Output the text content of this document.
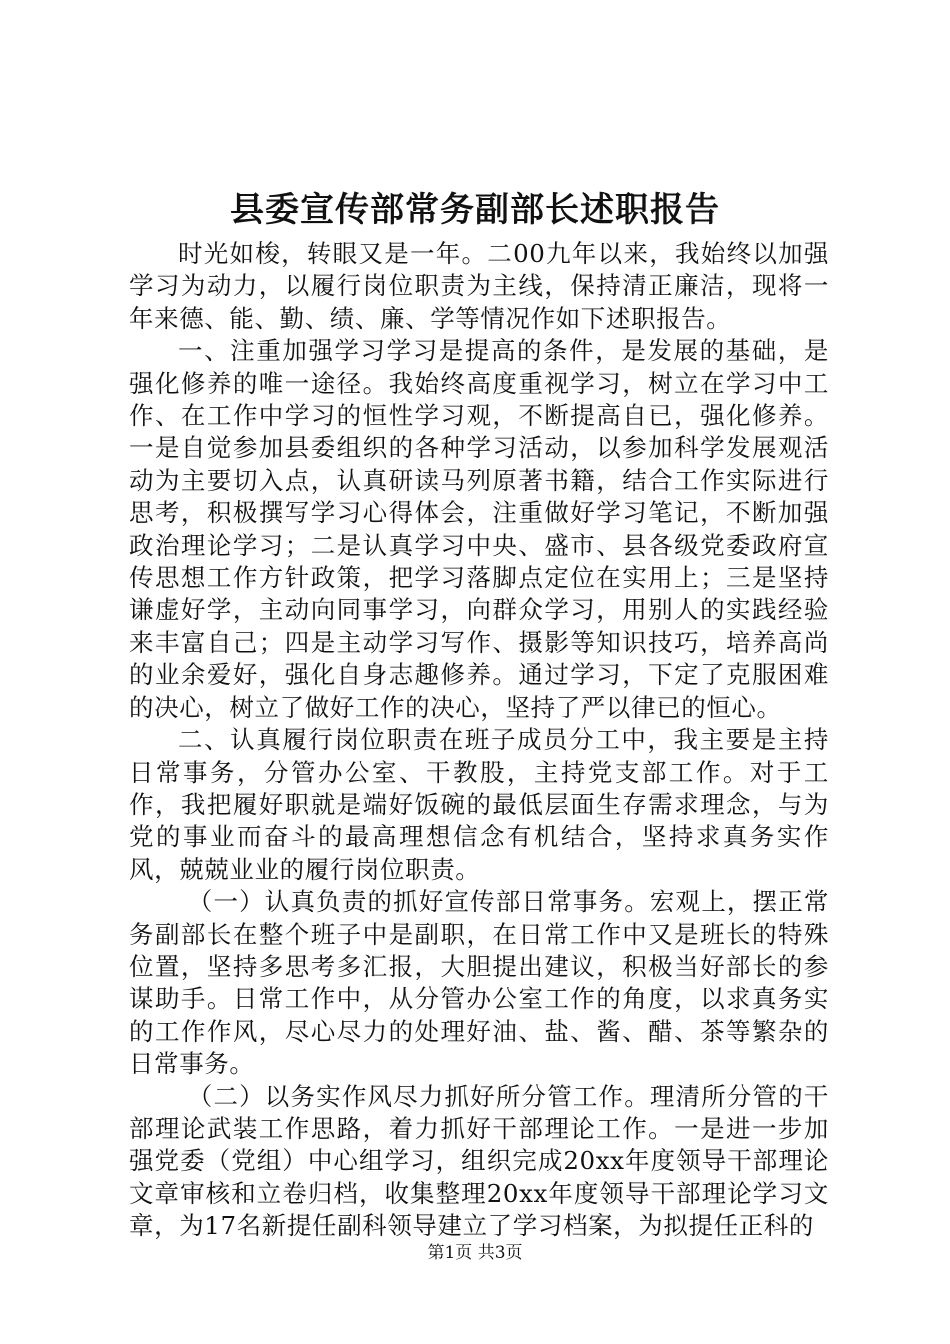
县委宣传部常务副部长述职报告

时光如梭，转眼又是一年。二00九年以来，我始终以加强学习为动力，以履行岗位职责为主线，保持清正廉洁，现将一年来德、能、勤、绩、廉、学等情况作如下述职报告。

一、注重加强学习学习是提高的条件，是发展的基础，是强化修养的唯一途径。我始终高度重视学习，树立在学习中工作、在工作中学习的恒性学习观，不断提高自已，强化修养。一是自觉参加县委组织的各种学习活动，以参加科学发展观活动为主要切入点，认真研读马列原著书籍，结合工作实际进行思考，积极撰写学习心得体会，注重做好学习笔记，不断加强政治理论学习；二是认真学习中央、盛市、县各级党委政府宣传思想工作方针政策，把学习落脚点定位在实用上；三是坚持谦虚好学，主动向同事学习，向群众学习，用别人的实践经验来丰富自己；四是主动学习写作、摄影等知识技巧，培养高尚的业余爱好，强化自身志趣修养。通过学习，下定了克服困难的决心，树立了做好工作的决心，坚持了严以律已的恒心。

二、认真履行岗位职责在班子成员分工中，我主要是主持日常事务，分管办公室、干教股，主持党支部工作。对于工作，我把履好职就是端好饭碗的最低层面生存需求理念，与为党的事业而奋斗的最高理想信念有机结合，坚持求真务实作风，兢兢业业的履行岗位职责。

（一）认真负责的抓好宣传部日常事务。宏观上，摆正常务副部长在整个班子中是副职，在日常工作中又是班长的特殊位置，坚持多思考多汇报，大胆提出建议，积极当好部长的参谋助手。日常工作中，从分管办公室工作的角度，以求真务实的工作作风，尽心尽力的处理好油、盐、酱、醋、茶等繁杂的日常事务。

（二）以务实作风尽力抓好所分管工作。理清所分管的干部理论武装工作思路，着力抓好干部理论工作。一是进一步加强党委（党组）中心组学习，组织完成20xx年度领导干部理论文章审核和立卷归档，收集整理20xx年度领导干部理论学习文章，为17名新提任副科领导建立了学习档案，为拟提任正科的

第1页 共3页
